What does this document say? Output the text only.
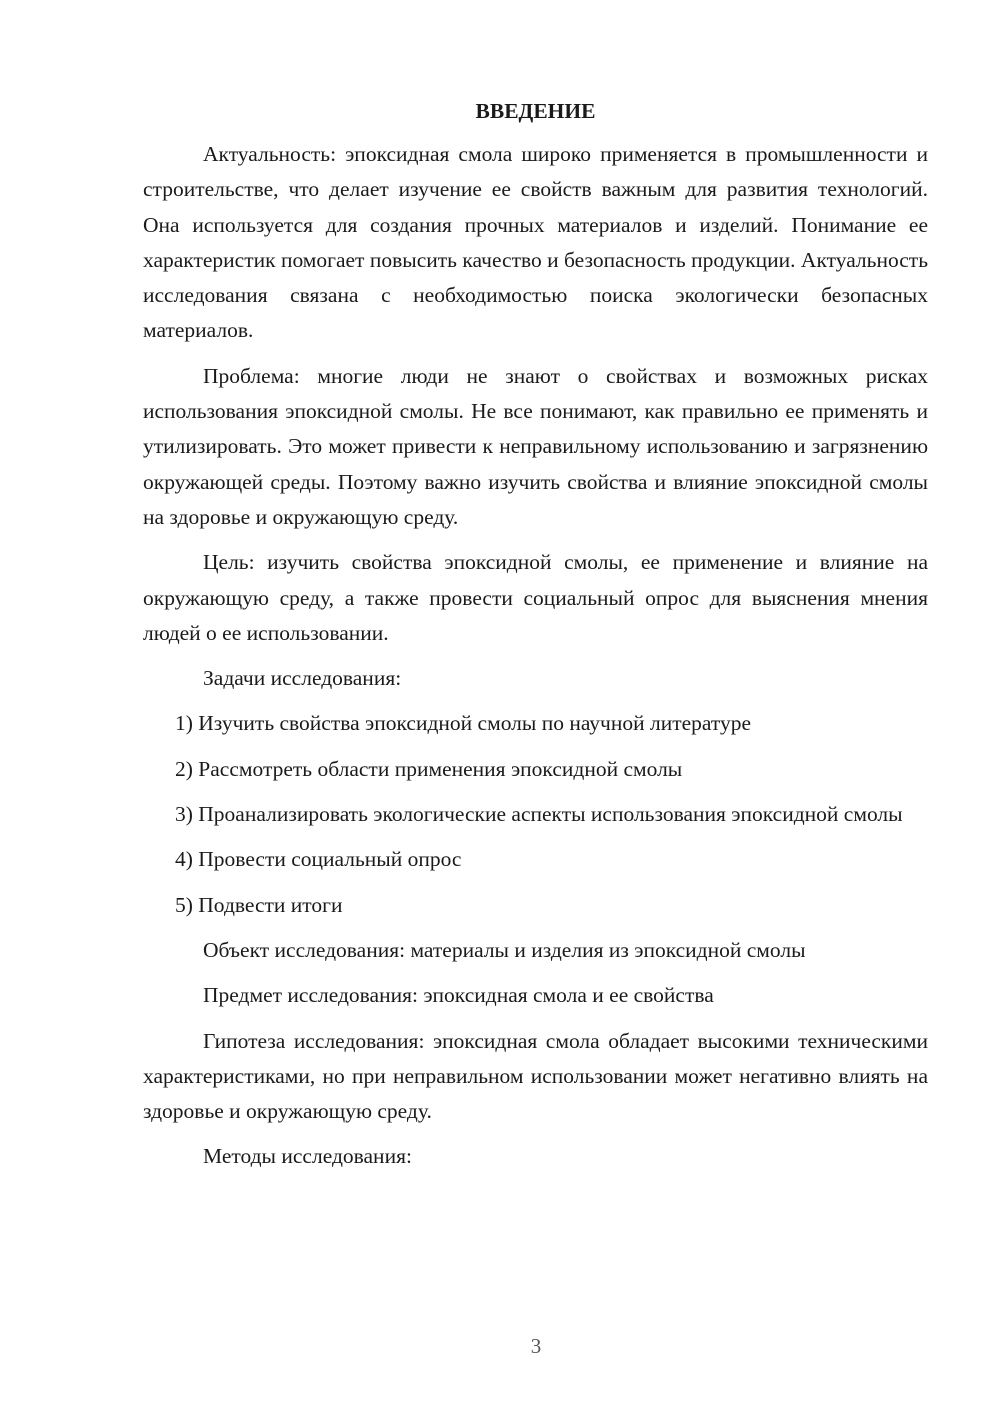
ВВЕДЕНИЕ

Актуальность: эпоксидная смола широко применяется в промышленности и строительстве, что делает изучение ее свойств важным для развития технологий. Она используется для создания прочных материалов и изделий. Понимание ее характеристик помогает повысить качество и безопасность продукции. Актуальность исследования связана с необходимостью поиска экологически безопасных материалов.

Проблема: многие люди не знают о свойствах и возможных рисках использования эпоксидной смолы. Не все понимают, как правильно ее применять и утилизировать. Это может привести к неправильному использованию и загрязнению окружающей среды. Поэтому важно изучить свойства и влияние эпоксидной смолы на здоровье и окружающую среду.

Цель: изучить свойства эпоксидной смолы, ее применение и влияние на окружающую среду, а также провести социальный опрос для выяснения мнения людей о ее использовании.

Задачи исследования:

1) Изучить свойства эпоксидной смолы по научной литературе

2) Рассмотреть области применения эпоксидной смолы

3) Проанализировать экологические аспекты использования эпоксидной смолы

4) Провести социальный опрос

5) Подвести итоги

Объект исследования: материалы и изделия из эпоксидной смолы

Предмет исследования: эпоксидная смола и ее свойства

Гипотеза исследования: эпоксидная смола обладает высокими техническими характеристиками, но при неправильном использовании может негативно влиять на здоровье и окружающую среду.

Методы исследования:

3
